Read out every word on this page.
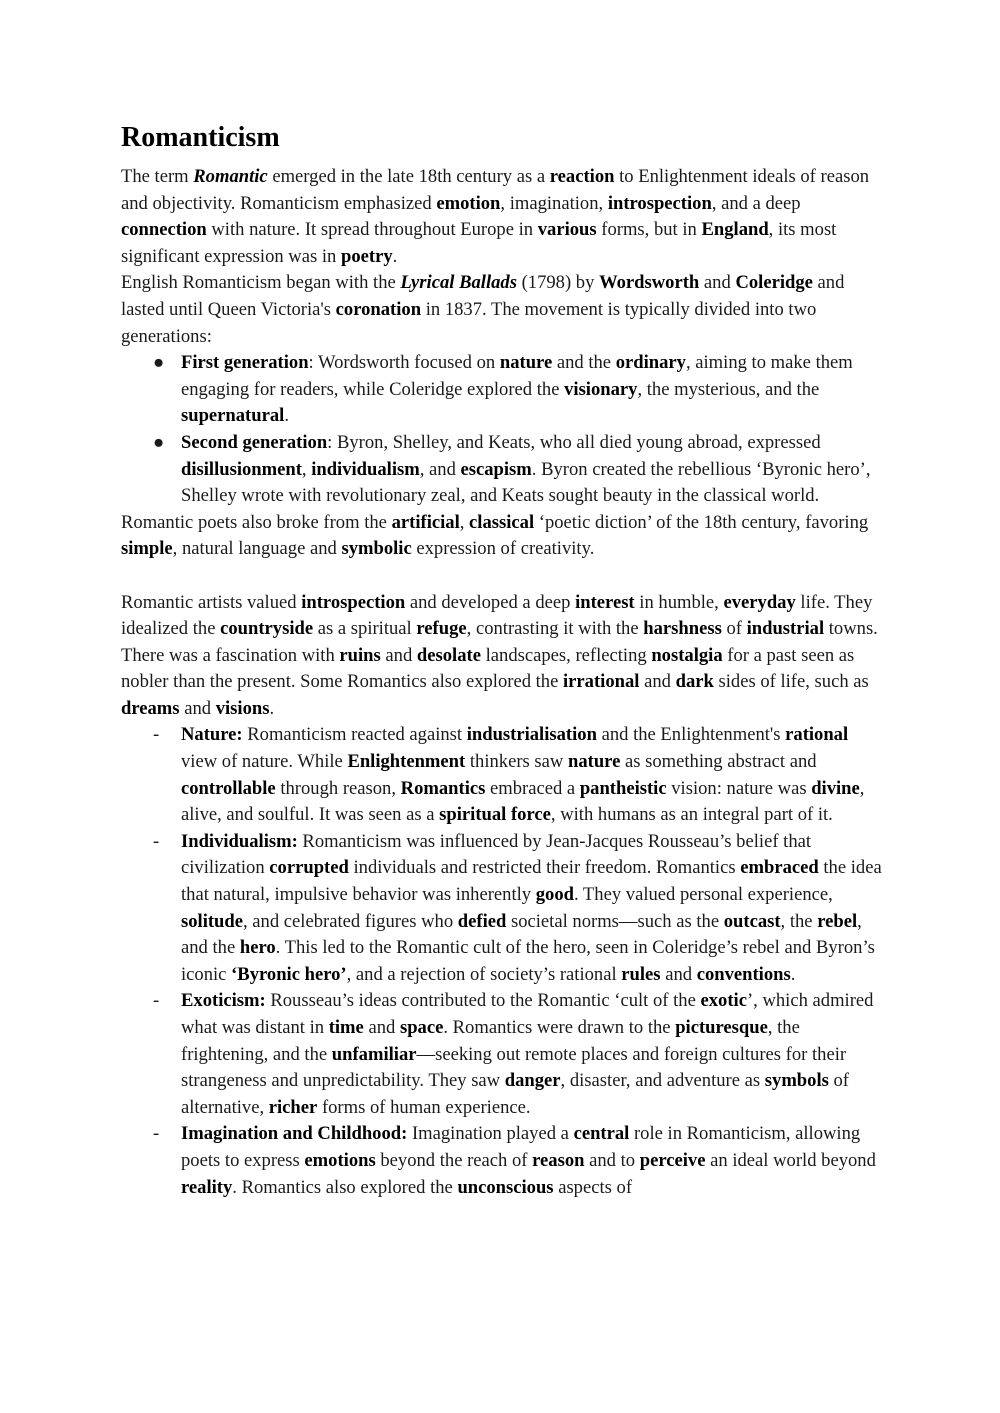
Romanticism

The term Romantic emerged in the late 18th century as a reaction to Enlightenment ideals of reason and objectivity. Romanticism emphasized emotion, imagination, introspection, and a deep connection with nature. It spread throughout Europe in various forms, but in England, its most significant expression was in poetry.

English Romanticism began with the Lyrical Ballads (1798) by Wordsworth and Coleridge and lasted until Queen Victoria's coronation in 1837. The movement is typically divided into two generations:

● First generation: Wordsworth focused on nature and the ordinary, aiming to make them engaging for readers, while Coleridge explored the visionary, the mysterious, and the supernatural.
● Second generation: Byron, Shelley, and Keats, who all died young abroad, expressed disillusionment, individualism, and escapism. Byron created the rebellious ‘Byronic hero’, Shelley wrote with revolutionary zeal, and Keats sought beauty in the classical world.

Romantic poets also broke from the artificial, classical ‘poetic diction’ of the 18th century, favoring simple, natural language and symbolic expression of creativity.

Romantic artists valued introspection and developed a deep interest in humble, everyday life. They idealized the countryside as a spiritual refuge, contrasting it with the harshness of industrial towns. There was a fascination with ruins and desolate landscapes, reflecting nostalgia for a past seen as nobler than the present. Some Romantics also explored the irrational and dark sides of life, such as dreams and visions.

- Nature: Romanticism reacted against industrialisation and the Enlightenment's rational view of nature. While Enlightenment thinkers saw nature as something abstract and controllable through reason, Romantics embraced a pantheistic vision: nature was divine, alive, and soulful. It was seen as a spiritual force, with humans as an integral part of it.
- Individualism: Romanticism was influenced by Jean-Jacques Rousseau’s belief that civilization corrupted individuals and restricted their freedom. Romantics embraced the idea that natural, impulsive behavior was inherently good. They valued personal experience, solitude, and celebrated figures who defied societal norms—such as the outcast, the rebel, and the hero. This led to the Romantic cult of the hero, seen in Coleridge’s rebel and Byron’s iconic ‘Byronic hero’, and a rejection of society’s rational rules and conventions.
- Exoticism: Rousseau’s ideas contributed to the Romantic ‘cult of the exotic’, which admired what was distant in time and space. Romantics were drawn to the picturesque, the frightening, and the unfamiliar—seeking out remote places and foreign cultures for their strangeness and unpredictability. They saw danger, disaster, and adventure as symbols of alternative, richer forms of human experience.
- Imagination and Childhood: Imagination played a central role in Romanticism, allowing poets to express emotions beyond the reach of reason and to perceive an ideal world beyond reality. Romantics also explored the unconscious aspects of
